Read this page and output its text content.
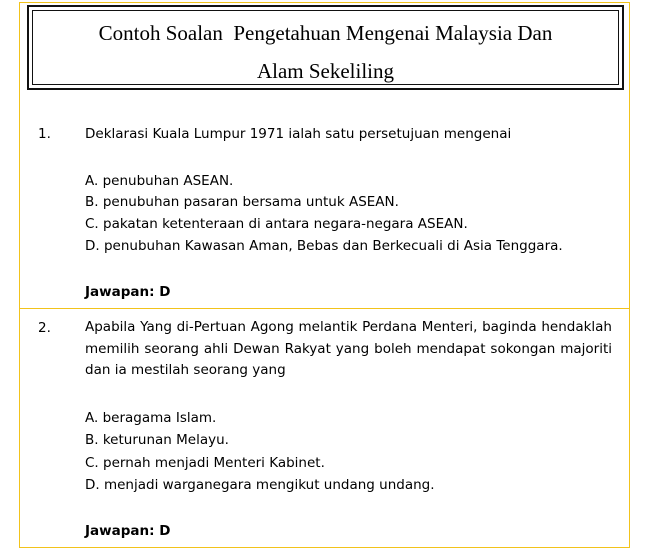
Contoh Soalan  Pengetahuan Mengenai Malaysia Dan
Alam Sekeliling
1.	Deklarasi Kuala Lumpur 1971 ialah satu persetujuan mengenai
A. penubuhan ASEAN.
B. penubuhan pasaran bersama untuk ASEAN.
C. pakatan ketenteraan di antara negara-negara ASEAN.
D. penubuhan Kawasan Aman, Bebas dan Berkecuali di Asia Tenggara.
Jawapan: D
2.	Apabila Yang di-Pertuan Agong melantik Perdana Menteri, baginda hendaklah memilih seorang ahli Dewan Rakyat yang boleh mendapat sokongan majoriti dan ia mestilah seorang yang
A. beragama Islam.
B. keturunan Melayu.
C. pernah menjadi Menteri Kabinet.
D. menjadi warganegara mengikut undang undang.
Jawapan: D
